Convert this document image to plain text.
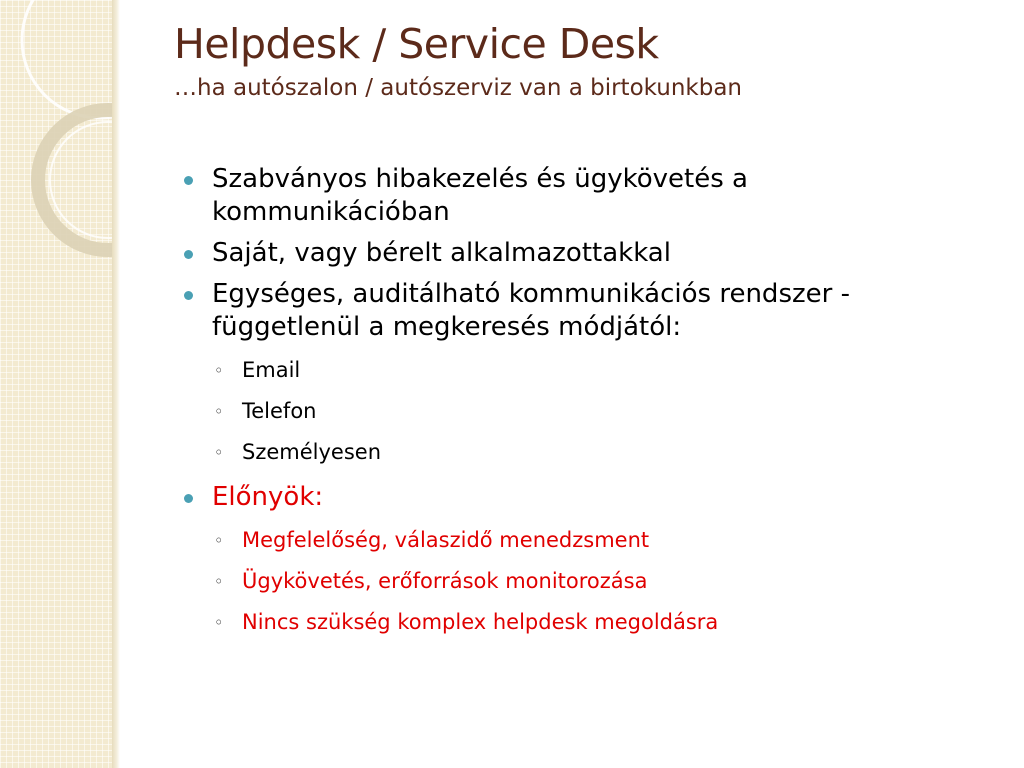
Helpdesk / Service Desk

…ha autószalon / autószerviz van a birtokunkban

Szabványos hibakezelés és ügykövetés a kommunikációban
Saját, vagy bérelt alkalmazottakkal
Egységes, auditálható kommunikációs rendszer - függetlenül a megkeresés módjától:
◦ Email
◦ Telefon
◦ Személyesen
Előnyök:
◦ Megfelelőség, válaszidő menedzsment
◦ Ügykövetés, erőforrások monitorozása
◦ Nincs szükség komplex helpdesk megoldásra
